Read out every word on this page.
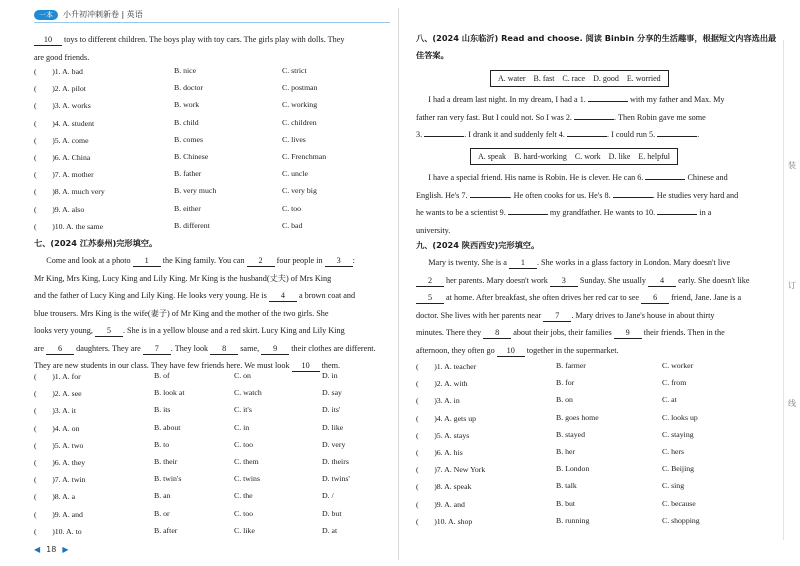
一本	小升初冲刺新卷 | 英语
10 toys to different children. The boys play with toy cars. The girls play with dolls. They
are good friends.
(　　)1. A. bad	B. nice	C. strict
(　　)2. A. pilot	B. doctor	C. postman
(　　)3. A. works	B. work	C. working
(　　)4. A. student	B. child	C. children
(　　)5. A. come	B. comes	C. lives
(　　)6. A. China	B. Chinese	C. Frenchman
(　　)7. A. mother	B. father	C. uncle
(　　)8. A. much very	B. very much	C. very big
(　　)9. A. also	B. either	C. too
(　　)10. A. the same	B. different	C. bad
七、(2024 江苏泰州)完形填空。
  Come and look at a photo 1 the King family. You can 2 four people in 3 :
Mr King, Mrs King, Lucy King and Lily King. Mr King is the husband(丈夫) of Mrs King
and the father of Lucy King and Lily King. He looks very young. He is 4 a brown coat and
blue trousers. Mrs King is the wife(妻子) of Mr King and the mother of the two girls. She
looks very young, 5 . She is in a yellow blouse and a red skirt. Lucy King and Lily King
are 6 daughters. They are 7 . They look 8 same, 9 their clothes are different.
They are new students in our class. They have few friends here. We must look 10 them.
(　　)1. A. for	B. of	C. on	D. in
(　　)2. A. see	B. look at	C. watch	D. say
(　　)3. A. it	B. its	C. it's	D. its'
(　　)4. A. on	B. about	C. in	D. like
(　　)5. A. two	B. to	C. too	D. very
(　　)6. A. they	B. their	C. them	D. theirs
(　　)7. A. twin	B. twin's	C. twins	D. twins'
(　　)8. A. a	B. an	C. the	D. /
(　　)9. A. and	B. or	C. too	D. but
(　　)10. A. to	B. after	C. like	D. at
◀ 18 ▶
八、(2024 山东临沂) Read and choose. 阅读 Binbin 分享的生活趣事，根据短文内容选出最
佳答案。
A. water　B. fast　C. race　D. good　E. worried
  I had a dream last night. In my dream, I had a 1.	with my father and Max. My
father ran very fast. But I could not. So I was 2.	. Then Robin gave me some
3.	. I drank it and suddenly felt 4.	. I could run 5.	.
A. speak　B. hard-working　C. work　D. like　E. helpful
  I have a special friend. His name is Robin. He is clever. He can 6.	Chinese and
English. He's 7.	. He often cooks for us. He's 8.	. He studies very hard and
he wants to be a scientist 9.	my grandfather. He wants to 10.	in a
university.
九、(2024 陕西西安)完形填空。
  Mary is twenty. She is a 1 . She works in a glass factory in London. Mary doesn't live
2 her parents. Mary doesn't work 3 Sunday. She usually 4 early. She doesn't like
5 at home. After breakfast, she often drives her red car to see 6 friend, Jane. Jane is a
doctor. She lives with her parents near 7 . Mary drives to Jane's house in about thirty
minutes. There they 8 about their jobs, their families 9 their friends. Then in the
afternoon, they often go 10 together in the supermarket.
(　　)1. A. teacher	B. farmer	C. worker
(　　)2. A. with	B. for	C. from
(　　)3. A. in	B. on	C. at
(　　)4. A. gets up	B. goes home	C. looks up
(　　)5. A. stays	B. stayed	C. staying
(　　)6. A. his	B. her	C. hers
(　　)7. A. New York	B. London	C. Beijing
(　　)8. A. speak	B. talk	C. sing
(　　)9. A. and	B. but	C. because
(　　)10. A. shop	B. running	C. shopping
装
订
线
